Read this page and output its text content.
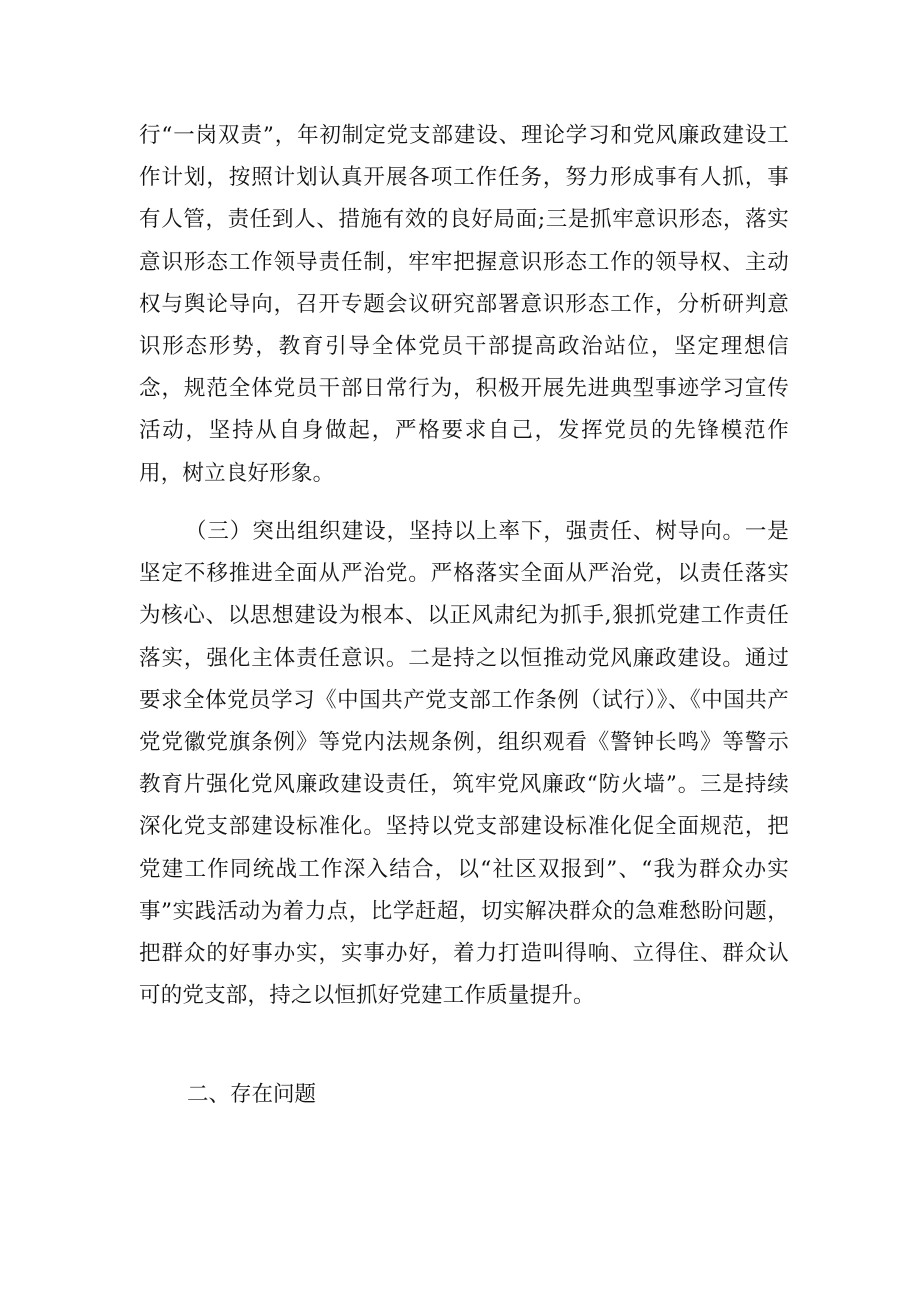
行“一岗双责”，年初制定党支部建设、理论学习和党风廉政建设工作计划，按照计划认真开展各项工作任务，努力形成事有人抓，事有人管，责任到人、措施有效的良好局面;三是抓牢意识形态，落实意识形态工作领导责任制，牢牢把握意识形态工作的领导权、主动权与舆论导向，召开专题会议研究部署意识形态工作，分析研判意识形态形势，教育引导全体党员干部提高政治站位，坚定理想信念，规范全体党员干部日常行为，积极开展先进典型事迹学习宣传活动，坚持从自身做起，严格要求自己，发挥党员的先锋模范作用，树立良好形象。

（三）突出组织建设，坚持以上率下，强责任、树导向。一是坚定不移推进全面从严治党。严格落实全面从严治党，以责任落实为核心、以思想建设为根本、以正风肃纪为抓手,狠抓党建工作责任落实，强化主体责任意识。二是持之以恒推动党风廉政建设。通过要求全体党员学习《中国共产党支部工作条例（试行）》、《中国共产党党徽党旗条例》等党内法规条例，组织观看《警钟长鸣》等警示教育片强化党风廉政建设责任，筑牢党风廉政“防火墙”。三是持续深化党支部建设标准化。坚持以党支部建设标准化促全面规范，把党建工作同统战工作深入结合，以“社区双报到”、“我为群众办实事”实践活动为着力点，比学赶超，切实解决群众的急难愁盼问题，把群众的好事办实，实事办好，着力打造叫得响、立得住、群众认可的党支部，持之以恒抓好党建工作质量提升。

二、存在问题
